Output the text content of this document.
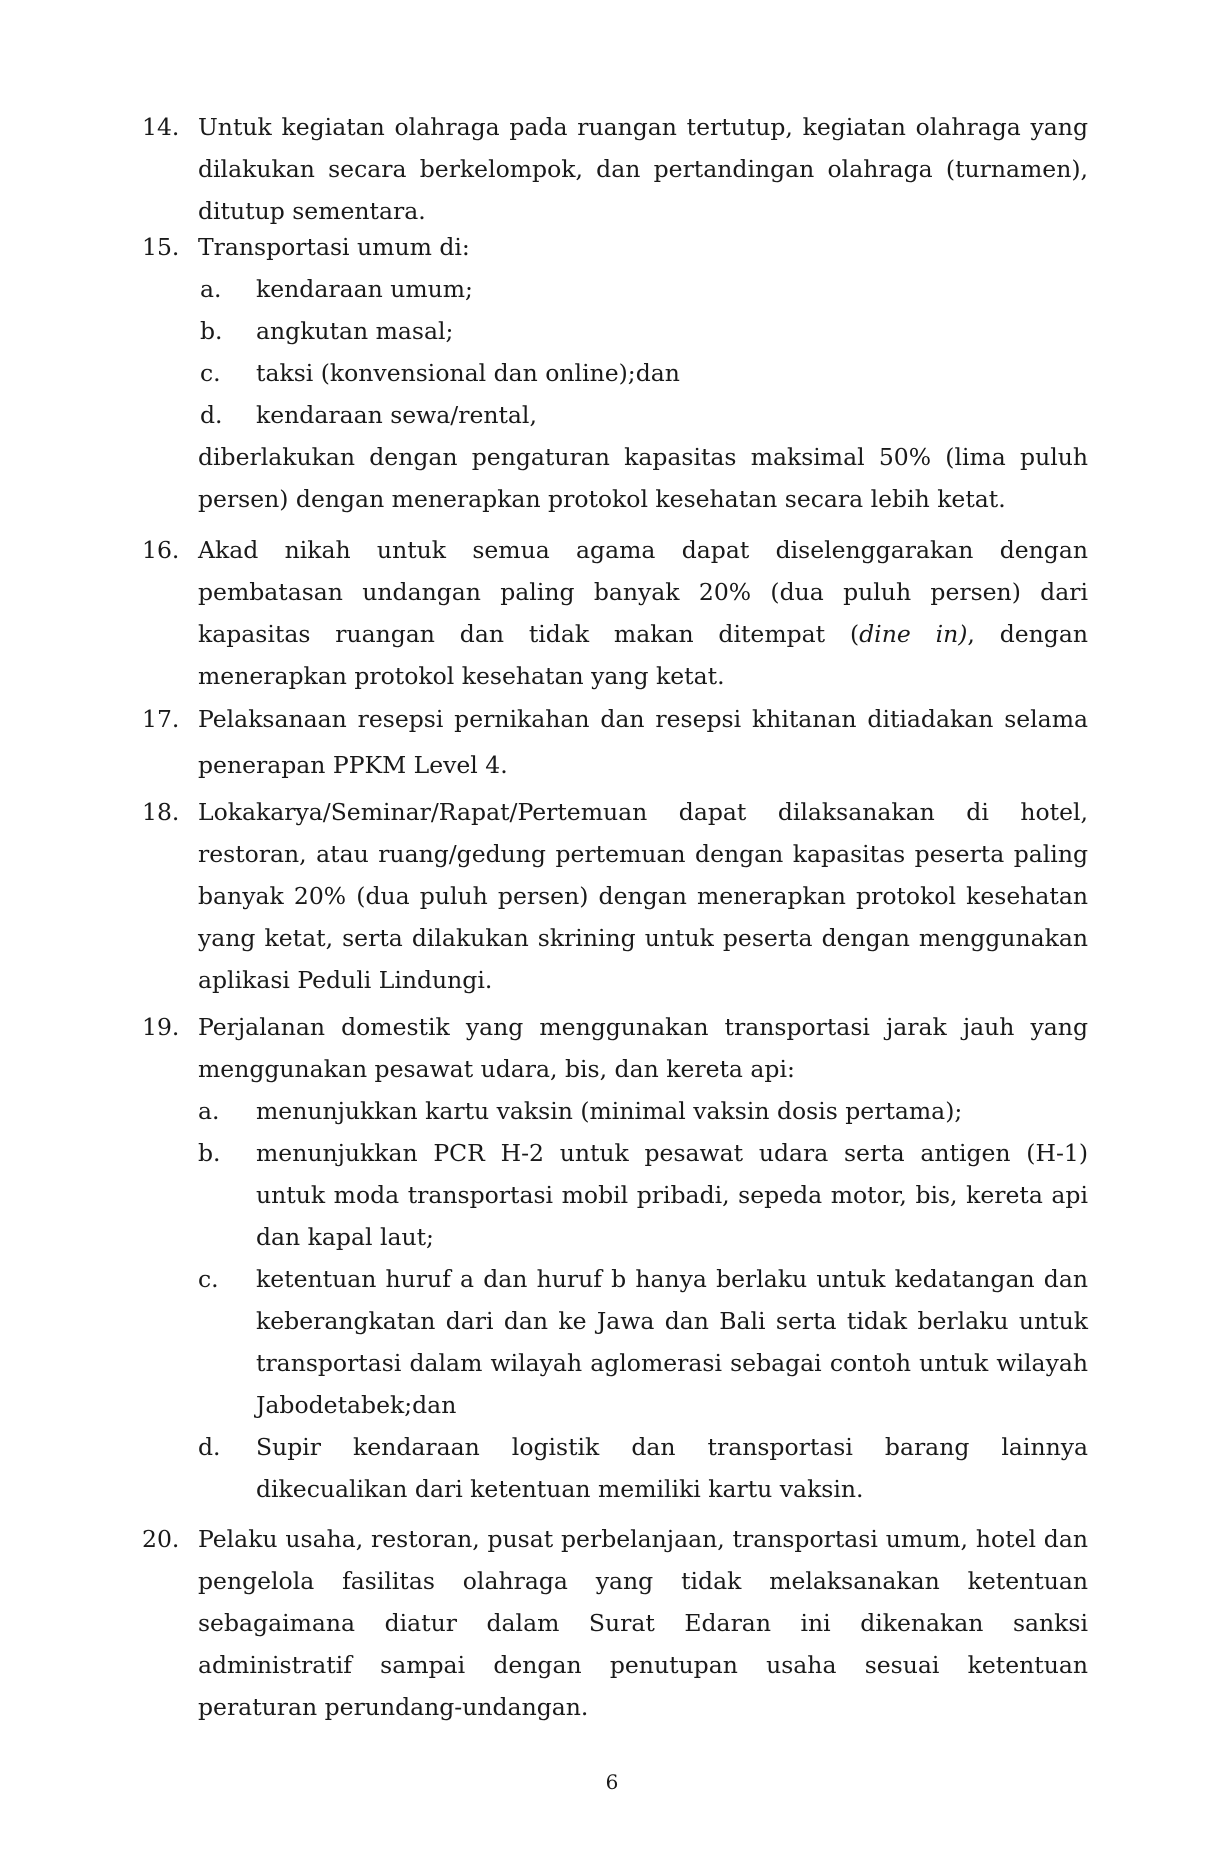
14. Untuk kegiatan olahraga pada ruangan tertutup, kegiatan olahraga yang dilakukan secara berkelompok, dan pertandingan olahraga (turnamen), ditutup sementara.
15. Transportasi umum di:
a. kendaraan umum;
b. angkutan masal;
c. taksi (konvensional dan online);dan
d. kendaraan sewa/rental,
diberlakukan dengan pengaturan kapasitas maksimal 50% (lima puluh persen) dengan menerapkan protokol kesehatan secara lebih ketat.
16. Akad nikah untuk semua agama dapat diselenggarakan dengan pembatasan undangan paling banyak 20% (dua puluh persen) dari kapasitas ruangan dan tidak makan ditempat (dine in), dengan menerapkan protokol kesehatan yang ketat.
17. Pelaksanaan resepsi pernikahan dan resepsi khitanan ditiadakan selama
penerapan PPKM Level 4.
18. Lokakarya/Seminar/Rapat/Pertemuan dapat dilaksanakan di hotel, restoran, atau ruang/gedung pertemuan dengan kapasitas peserta paling banyak 20% (dua puluh persen) dengan menerapkan protokol kesehatan yang ketat, serta dilakukan skrining untuk peserta dengan menggunakan aplikasi Peduli Lindungi.
19. Perjalanan domestik yang menggunakan transportasi jarak jauh yang menggunakan pesawat udara, bis, dan kereta api:
a. menunjukkan kartu vaksin (minimal vaksin dosis pertama);
b. menunjukkan PCR H-2 untuk pesawat udara serta antigen (H-1) untuk moda transportasi mobil pribadi, sepeda motor, bis, kereta api dan kapal laut;
c. ketentuan huruf a dan huruf b hanya berlaku untuk kedatangan dan keberangkatan dari dan ke Jawa dan Bali serta tidak berlaku untuk transportasi dalam wilayah aglomerasi sebagai contoh untuk wilayah Jabodetabek;dan
d. Supir kendaraan logistik dan transportasi barang lainnya dikecualikan dari ketentuan memiliki kartu vaksin.
20. Pelaku usaha, restoran, pusat perbelanjaan, transportasi umum, hotel dan pengelola fasilitas olahraga yang tidak melaksanakan ketentuan sebagaimana diatur dalam Surat Edaran ini dikenakan sanksi administratif sampai dengan penutupan usaha sesuai ketentuan peraturan perundang-undangan.
6
